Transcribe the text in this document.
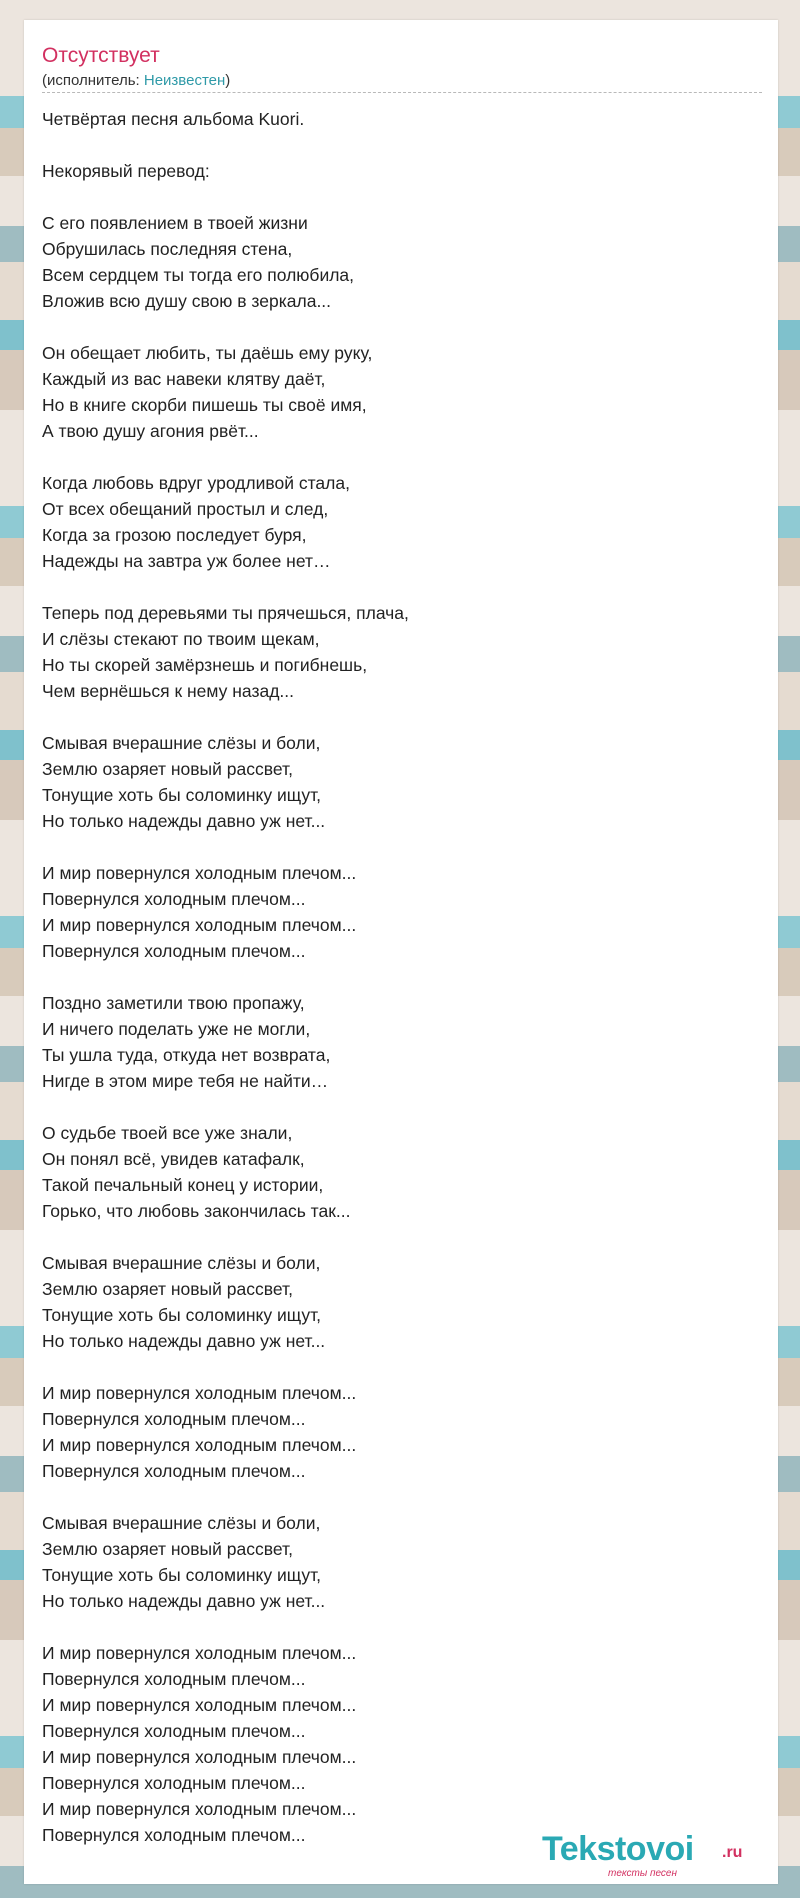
Отсутствует
(исполнитель: Неизвестен)
Четвёртая песня альбома Kuori.
Некорявый перевод:
С его появлением в твоей жизни
Обрушилась последняя стена,
Всем сердцем ты тогда его полюбила,
Вложив всю душу свою в зеркала...
Он обещает любить, ты даёшь ему руку,
Каждый из вас навеки клятву даёт,
Но в книге скорби пишешь ты своё имя,
А твою душу агония рвёт...
Когда любовь вдруг уродливой стала,
От всех обещаний простыл и след,
Когда за грозою последует буря,
Надежды на завтра уж более нет…
Теперь под деревьями ты прячешься, плача,
И слёзы стекают по твоим щекам,
Но ты скорей замёрзнешь и погибнешь,
Чем вернёшься к нему назад...
Смывая вчерашние слёзы и боли,
Землю озаряет новый рассвет,
Тонущие хоть бы соломинку ищут,
Но только надежды давно уж нет...
И мир повернулся холодным плечом...
Повернулся холодным плечом...
И мир повернулся холодным плечом...
Повернулся холодным плечом...
Поздно заметили твою пропажу,
И ничего поделать уже не могли,
Ты ушла туда, откуда нет возврата,
Нигде в этом мире тебя не найти…
О судьбе твоей все уже знали,
Он понял всё, увидев катафалк,
Такой печальный конец у истории,
Горько, что любовь закончилась так...
Смывая вчерашние слёзы и боли,
Землю озаряет новый рассвет,
Тонущие хоть бы соломинку ищут,
Но только надежды давно уж нет...
И мир повернулся холодным плечом...
Повернулся холодным плечом...
И мир повернулся холодным плечом...
Повернулся холодным плечом...
Смывая вчерашние слёзы и боли,
Землю озаряет новый рассвет,
Тонущие хоть бы соломинку ищут,
Но только надежды давно уж нет...
И мир повернулся холодным плечом...
Повернулся холодным плечом...
И мир повернулся холодным плечом...
Повернулся холодным плечом...
И мир повернулся холодным плечом...
Повернулся холодным плечом...
И мир повернулся холодным плечом...
Повернулся холодным плечом...	Tekstovoi .ru
тексты песен
